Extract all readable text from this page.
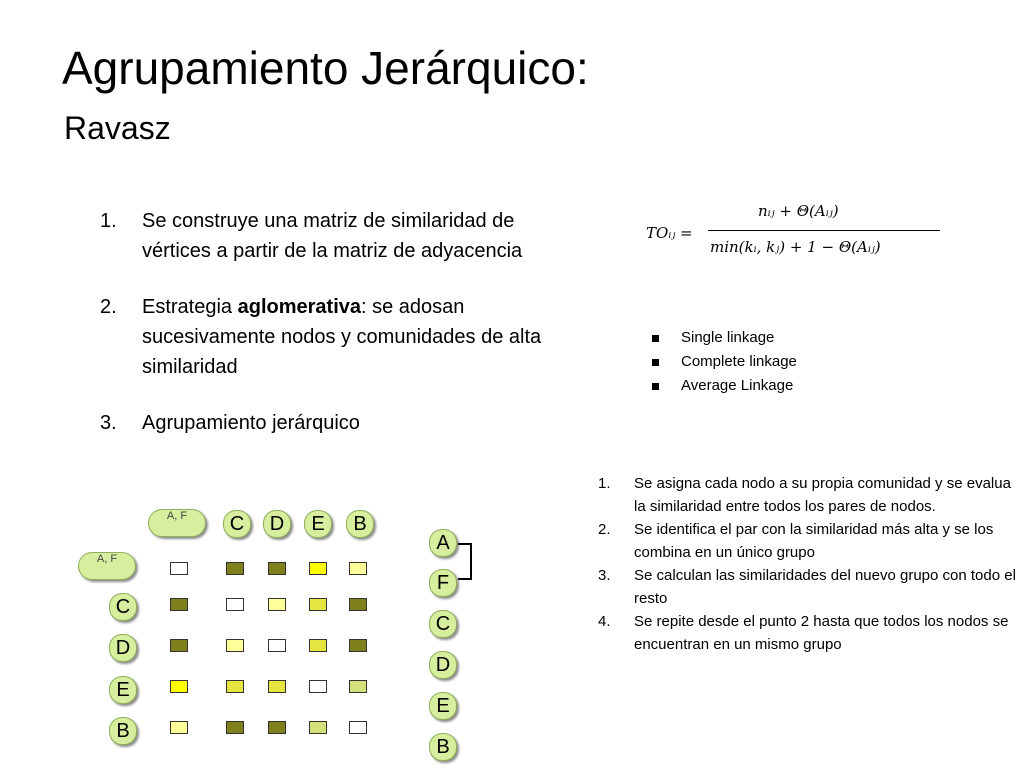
Agrupamiento Jerárquico:
Ravasz
1. Se construye una matriz de similaridad de vértices a partir de la matriz de adyacencia
2. Estrategia aglomerativa: se adosan sucesivamente nodos y comunidades de alta similaridad
3. Agrupamiento jerárquico
TOᵢⱼ =
nᵢⱼ + Θ(Aᵢⱼ)
min(kᵢ, kⱼ) + 1 − Θ(Aᵢⱼ)
Single linkage
Complete linkage
Average Linkage
1. Se asigna cada nodo a su propia comunidad y se evalua la similaridad entre todos los pares de nodos.
2. Se identifica el par con la similaridad más alta y se los combina en un único grupo
3. Se calculan las similaridades del nuevo grupo con todo el resto
4. Se repite desde el punto 2 hasta que todos los nodos se encuentran en un mismo grupo
A, F	C	D	E	B
A, F
C
D
E
B
A
F
C
D
E
B
